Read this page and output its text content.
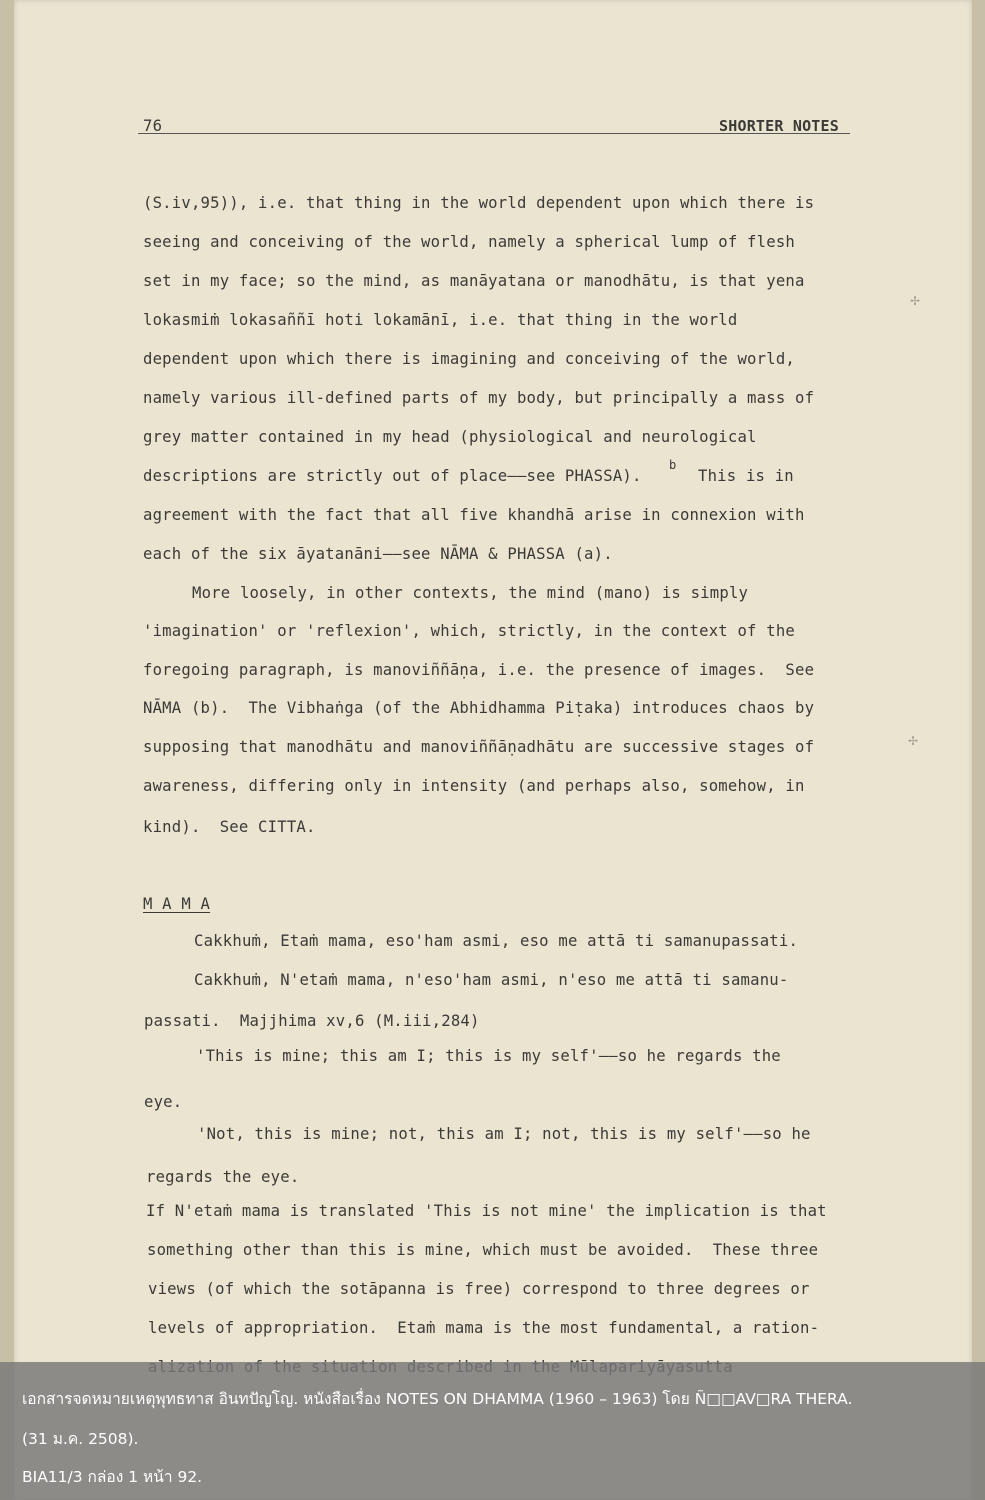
76	SHORTER NOTES
(S.iv,95)), i.e. that thing in the world dependent upon which there is
seeing and conceiving of the world, namely a spherical lump of flesh
set in my face; so the mind, as manāyatana or manodhātu, is that yena
lokasmiṁ lokasaññī hoti lokamānī, i.e. that thing in the world
dependent upon which there is imagining and conceiving of the world,
namely various ill-defined parts of my body, but principally a mass of
grey matter contained in my head (physiological and neurological
descriptions are strictly out of place——see PHASSA).
b
This is in
agreement with the fact that all five khandhā arise in connexion with
each of the six āyatanāni——see NĀMA & PHASSA (a).
More loosely, in other contexts, the mind (mano) is simply
'imagination' or 'reflexion', which, strictly, in the context of the
foregoing paragraph, is manoviññāṇa, i.e. the presence of images.  See
NĀMA (b).  The Vibhaṅga (of the Abhidhamma Piṭaka) introduces chaos by
supposing that manodhātu and manoviññāṇadhātu are successive stages of
awareness, differing only in intensity (and perhaps also, somehow, in
kind).  See CITTA.
M A M A
Cakkhuṁ, Etaṁ mama, eso'ham asmi, eso me attā ti samanupassati.
Cakkhuṁ, N'etaṁ mama, n'eso'ham asmi, n'eso me attā ti samanu-
passati.  Majjhima xv,6 (M.iii,284)
'This is mine; this am I; this is my self'——so he regards the
eye.
'Not, this is mine; not, this am I; not, this is my self'——so he
regards the eye.
If N'etaṁ mama is translated 'This is not mine' the implication is that
something other than this is mine, which must be avoided.  These three
views (of which the sotāpanna is free) correspond to three degrees or
levels of appropriation.  Etaṁ mama is the most fundamental, a ration-
✢
✢
เอกสารจดหมายเหตุพุทธทาส อินทปัญโญ. หนังสือเรื่อง NOTES ON DHAMMA (1960 – 1963) โดย Ñ□□AV□RA THERA.
(31 ม.ค. 2508).
BIA11/3 กล่อง 1 หน้า 92.
